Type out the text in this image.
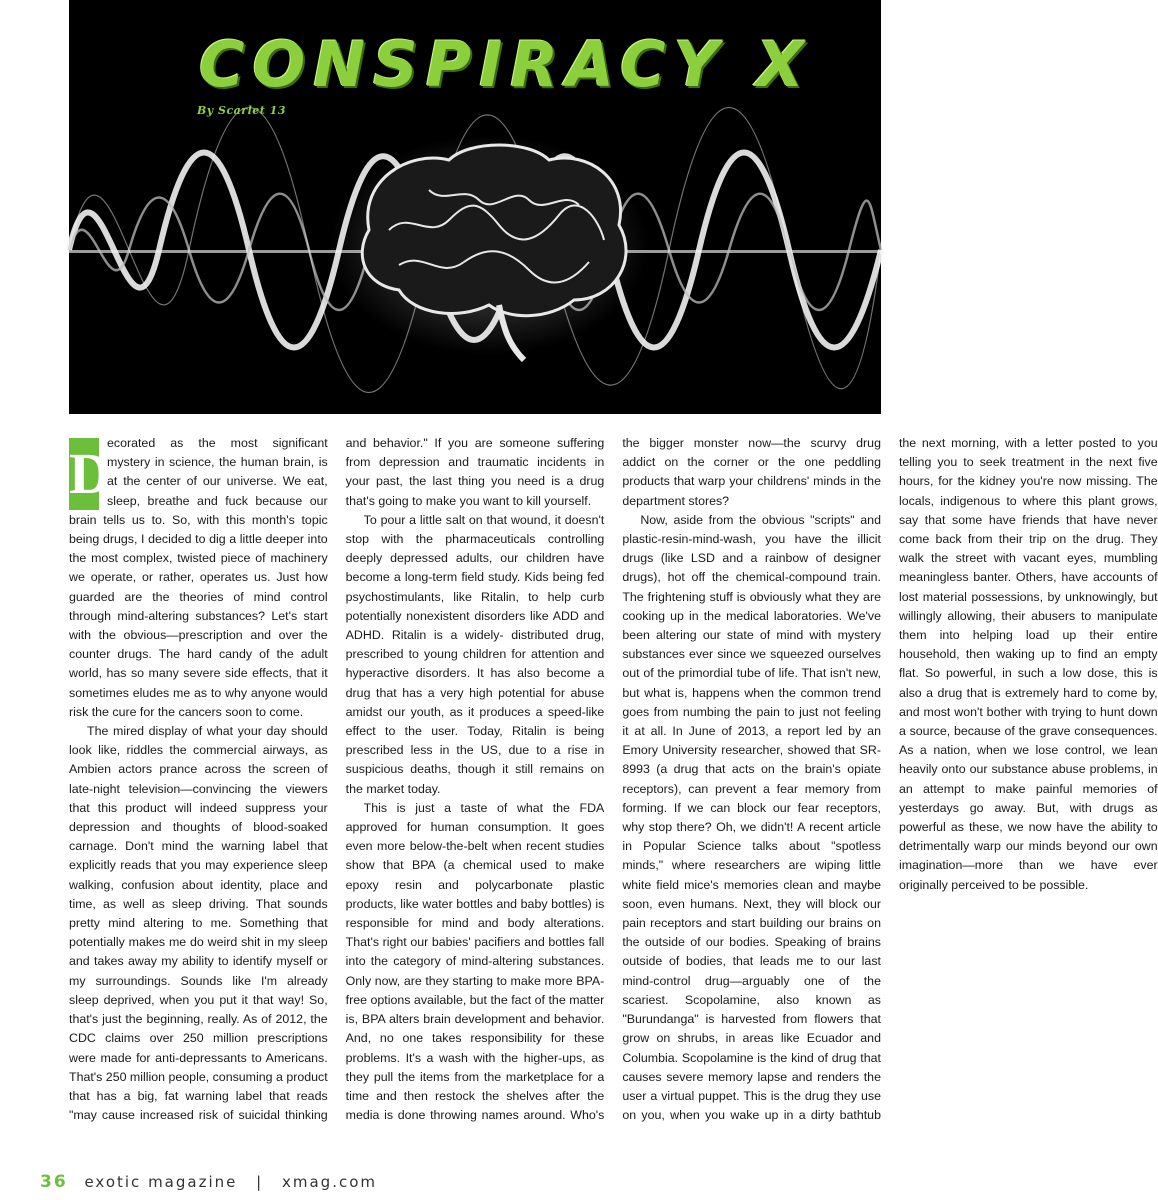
CONSPIRACY X
By Scarlet 13

D
ecorated as the most significant mystery in science, the human brain, is at the center of our universe. We eat, sleep, breathe and fuck because our brain tells us to. So, with this month's topic being drugs, I decided to dig a little deeper into the most complex, twisted piece of machinery we operate, or rather, operates us. Just how guarded are the theories of mind control through mind-altering substances? Let's start with the obvious—prescription and over the counter drugs. The hard candy of the adult world, has so many severe side effects, that it sometimes eludes me as to why anyone would risk the cure for the cancers soon to come.

The mired display of what your day should look like, riddles the commercial airways, as Ambien actors prance across the screen of late-night television—convincing the viewers that this product will indeed suppress your depression and thoughts of blood-soaked carnage. Don't mind the warning label that explicitly reads that you may experience sleep walking, confusion about identity, place and time, as well as sleep driving. That sounds pretty mind altering to me. Something that potentially makes me do weird shit in my sleep and takes away my ability to identify myself or my surroundings. Sounds like I'm already sleep deprived, when you put it that way! So, that's just the beginning, really. As of 2012, the CDC claims over 250 million prescriptions were made for anti-depressants to Americans. That's 250 million people, consuming a product that has a big, fat warning label that reads "may cause increased risk of suicidal thinking and behavior." If you are someone suffering from depression and traumatic incidents in your past, the last thing you need is a drug that's going to make you want to kill yourself.

To pour a little salt on that wound, it doesn't stop with the pharmaceuticals controlling deeply depressed adults, our children have become a long-term field study. Kids being fed psychostimulants, like Ritalin, to help curb potentially nonexistent disorders like ADD and ADHD. Ritalin is a widely- distributed drug, prescribed to young children for attention and hyperactive disorders. It has also become a drug that has a very high potential for abuse amidst our youth, as it produces a speed-like effect to the user. Today, Ritalin is being prescribed less in the US, due to a rise in suspicious deaths, though it still remains on the market today.

This is just a taste of what the FDA approved for human consumption. It goes even more below-the-belt when recent studies show that BPA (a chemical used to make epoxy resin and polycarbonate plastic products, like water bottles and baby bottles) is responsible for mind and body alterations. That's right our babies' pacifiers and bottles fall into the category of mind-altering substances. Only now, are they starting to make more BPA-free options available, but the fact of the matter is, BPA alters brain development and behavior. And, no one takes responsibility for these problems. It's a wash with the higher-ups, as they pull the items from the marketplace for a time and then restock the shelves after the media is done throwing names around. Who's the bigger monster now—the scurvy drug addict on the corner or the one peddling products that warp your childrens' minds in the department stores?

Now, aside from the obvious "scripts" and plastic-resin-mind-wash, you have the illicit drugs (like LSD and a rainbow of designer drugs), hot off the chemical-compound train. The frightening stuff is obviously what they are cooking up in the medical laboratories. We've been altering our state of mind with mystery substances ever since we squeezed ourselves out of the primordial tube of life. That isn't new, but what is, happens when the common trend goes from numbing the pain to just not feeling it at all. In June of 2013, a report led by an Emory University researcher, showed that SR-8993 (a drug that acts on the brain's opiate receptors), can prevent a fear memory from forming. If we can block our fear receptors, why stop there? Oh, we didn't! A recent article in Popular Science talks about "spotless minds," where researchers are wiping little white field mice's memories clean and maybe soon, even humans. Next, they will block our pain receptors and start building our brains on the outside of our bodies. Speaking of brains outside of bodies, that leads me to our last mind-control drug—arguably one of the scariest. Scopolamine, also known as "Burundanga" is harvested from flowers that grow on shrubs, in areas like Ecuador and Columbia. Scopolamine is the kind of drug that causes severe memory lapse and renders the user a virtual puppet. This is the drug they use on you, when you wake up in a dirty bathtub the next morning, with a letter posted to you telling you to seek treatment in the next five hours, for the kidney you're now missing. The locals, indigenous to where this plant grows, say that some have friends that have never come back from their trip on the drug. They walk the street with vacant eyes, mumbling meaningless banter. Others, have accounts of lost material possessions, by unknowingly, but willingly allowing, their abusers to manipulate them into helping load up their entire household, then waking up to find an empty flat. So powerful, in such a low dose, this is also a drug that is extremely hard to come by, and most won't bother with trying to hunt down a source, because of the grave consequences. As a nation, when we lose control, we lean heavily onto our substance abuse problems, in an attempt to make painful memories of yesterdays go away. But, with drugs as powerful as these, we now have the ability to detrimentally warp our minds beyond our own imagination—more than we have ever originally perceived to be possible.

36 exotic magazine | xmag.com
